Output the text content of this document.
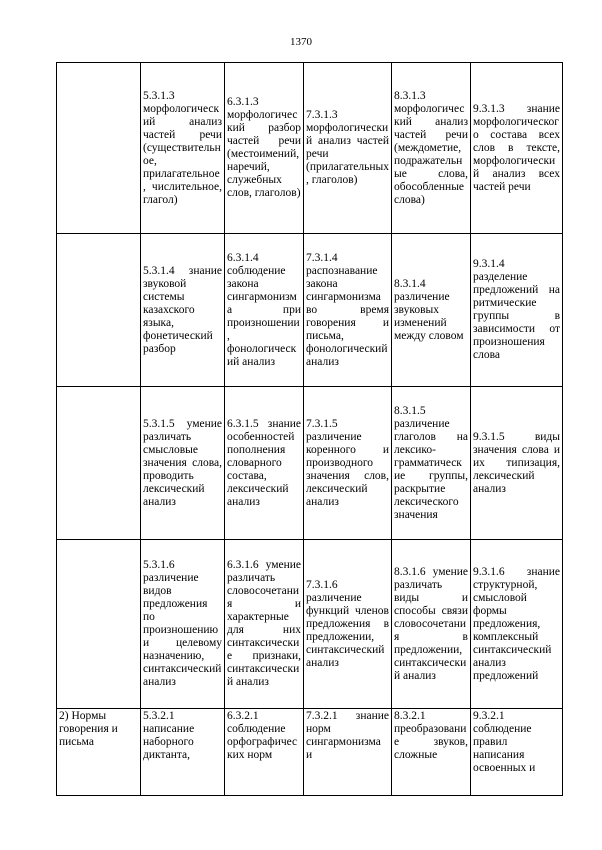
1370
	5.3.1.3 морфологический анализ частей речи (существительное, прилагательное, числительное, глагол)	6.3.1.3 морфологический разбор частей речи (местоимений, наречий, служебных слов, глаголов)	7.3.1.3 морфологический анализ частей речи (прилагательных, глаголов)	8.3.1.3 морфологический анализ частей речи (междометие, подражательные слова, обособленные слова)	9.3.1.3 знание морфологического состава всех слов в тексте, морфологический анализ всех частей речи
	5.3.1.4 знание звуковой системы казахского языка, фонетический разбор	6.3.1.4 соблюдение закона сингармонизма при произношении, фонологический анализ	7.3.1.4 распознавание закона сингармонизма во время говорения и письма, фонологический анализ	8.3.1.4 различение звуковых изменений между словом	9.3.1.4 разделение предложений на ритмические группы в зависимости от произношения слова
	5.3.1.5 умение различать смысловые значения слова, проводить лексический анализ	6.3.1.5 знание особенностей пополнения словарного состава, лексический анализ	7.3.1.5 различение коренного и производного значения слов, лексический анализ	8.3.1.5 различение глаголов на лексико-грамматические группы, раскрытие лексического значения	9.3.1.5 виды значения слова и их типизация, лексический анализ
	5.3.1.6 различение видов предложения по произношению и целевому назначению, синтаксический анализ	6.3.1.6 умение различать словосочетания и характерные для них синтаксические признаки, синтаксический анализ	7.3.1.6 различение функций членов предложения в предложении, синтаксический анализ	8.3.1.6 умение различать виды и способы связи словосочетания в предложении, синтаксический анализ	9.3.1.6 знание структурной, смысловой формы предложения, комплексный синтаксический анализ предложений
2) Нормы говорения и письма	5.3.2.1 написание наборного диктанта,	6.3.2.1 соблюдение орфографических норм	7.3.2.1 знание норм сингармонизма и	8.3.2.1 преобразование звуков, сложные	9.3.2.1 соблюдение правил написания освоенных и
